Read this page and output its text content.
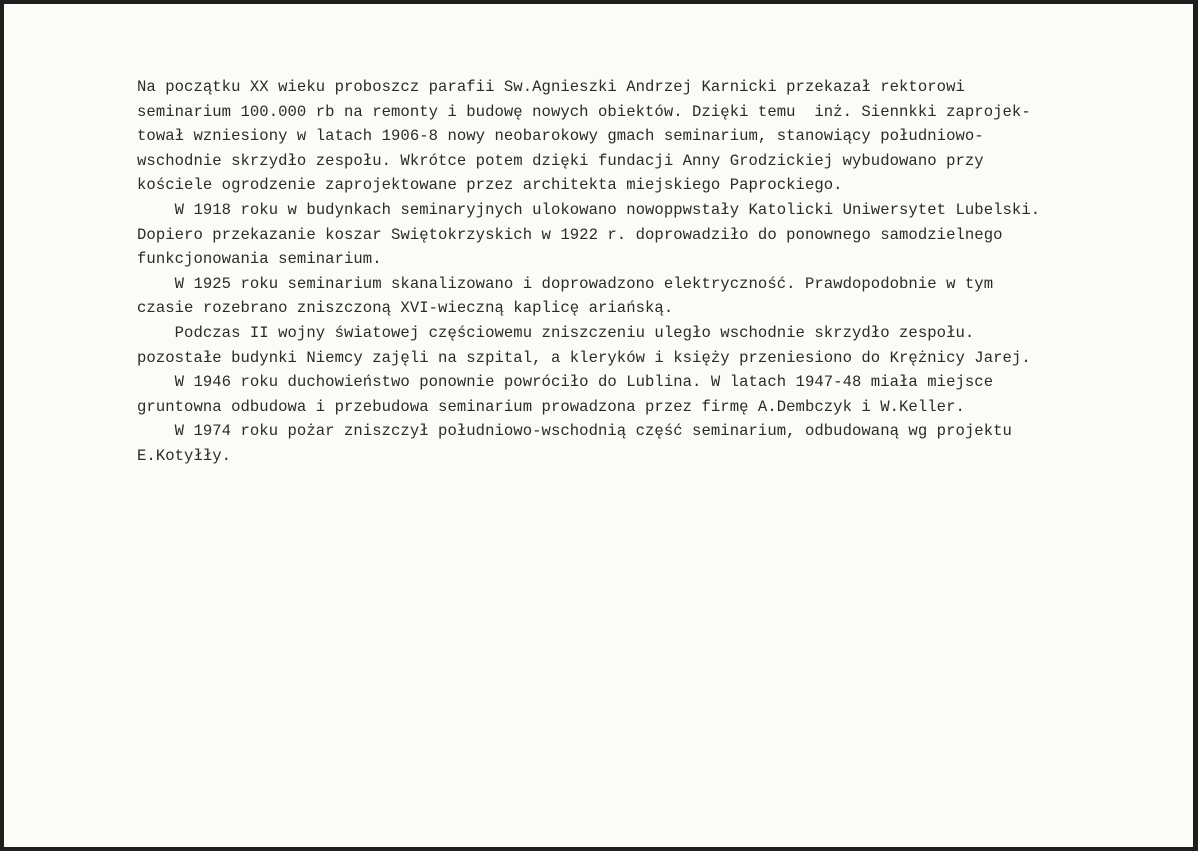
Na początku XX wieku proboszcz parafii Sw.Agnieszki Andrzej Karnicki przekazał rektorowi
seminarium 100.000 rb na remonty i budowę nowych obiektów. Dzięki temu  inż. Siennkki zaprojek-
tował wzniesiony w latach 1906-8 nowy neobarokowy gmach seminarium, stanowiący południowo-
wschodnie skrzydło zespołu. Wkrótce potem dzięki fundacji Anny Grodzickiej wybudowano przy
kościele ogrodzenie zaprojektowane przez architekta miejskiego Paprockiego.
W 1918 roku w budynkach seminaryjnych ulokowano nowoppwstały Katolicki Uniwersytet Lubelski.
Dopiero przekazanie koszar Swiętokrzyskich w 1922 r. doprowadziło do ponownego samodzielnego
funkcjonowania seminarium.
W 1925 roku seminarium skanalizowano i doprowadzono elektryczność. Prawdopodobnie w tym
czasie rozebrano zniszczoną XVI-wieczną kaplicę ariańską.
Podczas II wojny światowej częściowemu zniszczeniu uległo wschodnie skrzydło zespołu.
pozostałe budynki Niemcy zajęli na szpital, a kleryków i księży przeniesiono do Krężnicy Jarej.
W 1946 roku duchowieństwo ponownie powróciło do Lublina. W latach 1947-48 miała miejsce
gruntowna odbudowa i przebudowa seminarium prowadzona przez firmę A.Dembczyk i W.Keller.
W 1974 roku pożar zniszczył południowo-wschodnią część seminarium, odbudowaną wg projektu
E.Kotyłły.
